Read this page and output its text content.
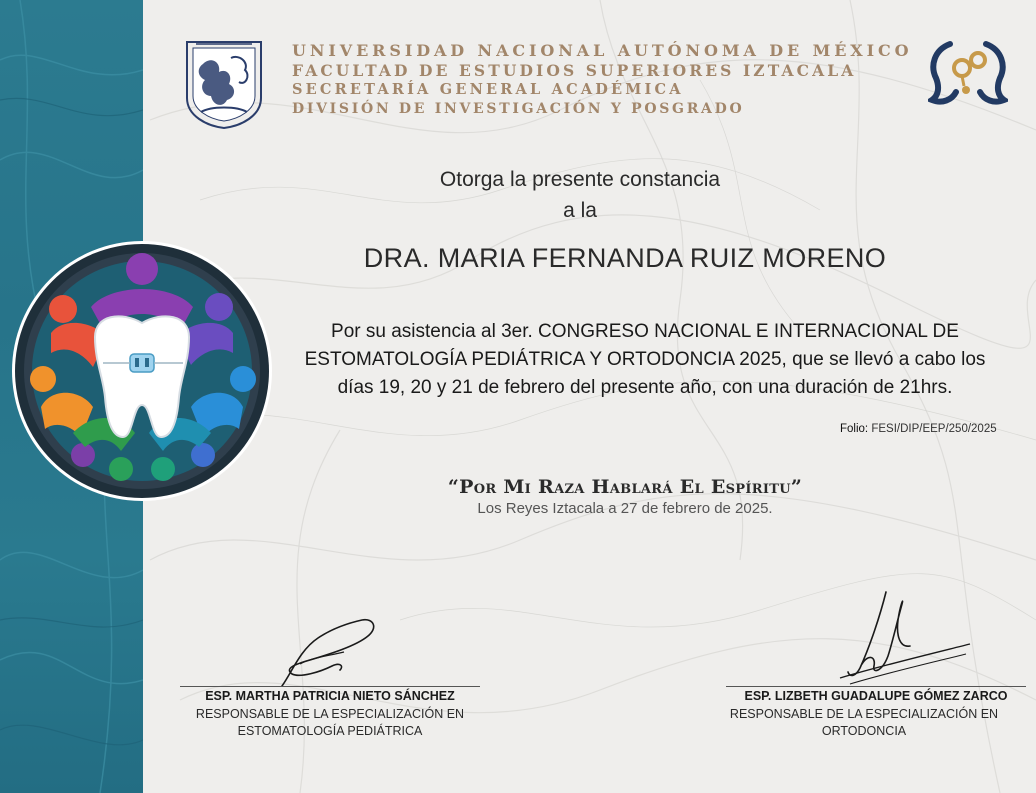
UNIVERSIDAD NACIONAL AUTÓNOMA DE MÉXICO
FACULTAD DE ESTUDIOS SUPERIORES IZTACALA
SECRETARÍA GENERAL ACADÉMICA
DIVISIÓN DE INVESTIGACIÓN Y POSGRADO
Otorga la presente constancia
a la
DRA. MARIA FERNANDA RUIZ MORENO
Por su asistencia al 3er. CONGRESO NACIONAL E INTERNACIONAL DE ESTOMATOLOGÍA PEDIÁTRICA Y ORTODONCIA 2025, que se llevó a cabo los días 19, 20 y 21 de febrero del presente año, con una duración de 21hrs.
Folio: FESI/DIP/EEP/250/2025
“Por Mi Raza Hablará El Espíritu”
Los Reyes Iztacala a 27 de febrero de 2025.
ESP. MARTHA PATRICIA NIETO SÁNCHEZ
RESPONSABLE DE LA ESPECIALIZACIÓN EN
ESTOMATOLOGÍA PEDIÁTRICA
ESP. LIZBETH GUADALUPE GÓMEZ ZARCO
RESPONSABLE DE LA ESPECIALIZACIÓN EN
ORTODONCIA
